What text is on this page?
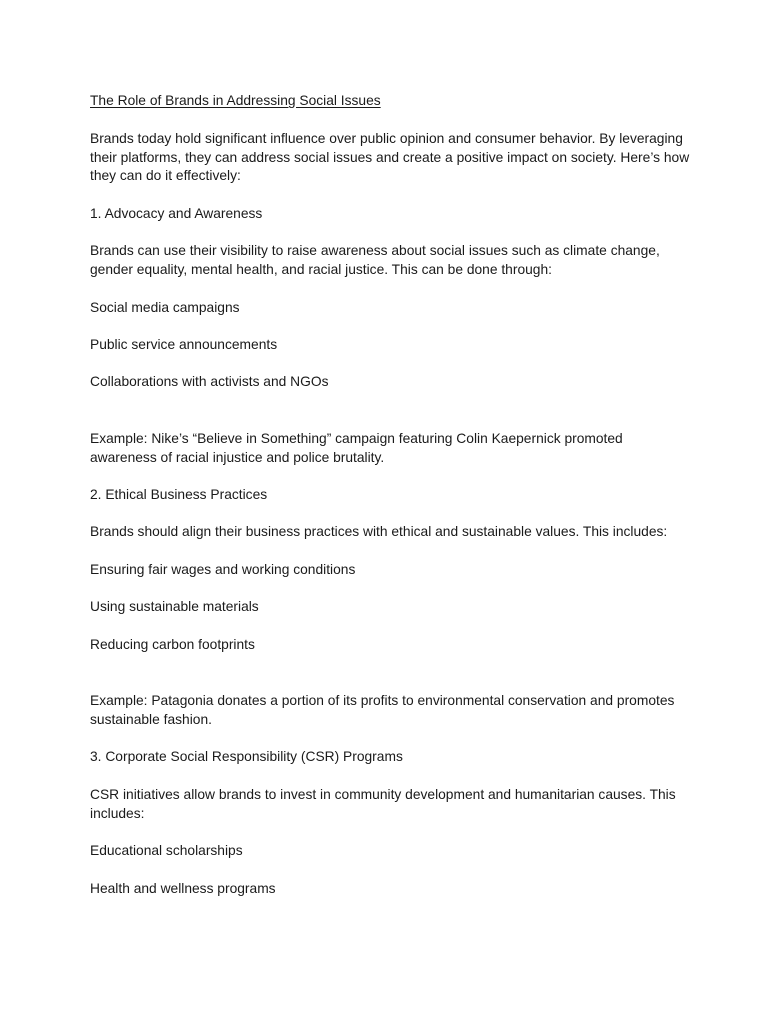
The Role of Brands in Addressing Social Issues

Brands today hold significant influence over public opinion and consumer behavior. By leveraging their platforms, they can address social issues and create a positive impact on society. Here’s how they can do it effectively:

1. Advocacy and Awareness

Brands can use their visibility to raise awareness about social issues such as climate change, gender equality, mental health, and racial justice. This can be done through:

Social media campaigns

Public service announcements

Collaborations with activists and NGOs

Example: Nike’s “Believe in Something” campaign featuring Colin Kaepernick promoted awareness of racial injustice and police brutality.

2. Ethical Business Practices

Brands should align their business practices with ethical and sustainable values. This includes:

Ensuring fair wages and working conditions

Using sustainable materials

Reducing carbon footprints

Example: Patagonia donates a portion of its profits to environmental conservation and promotes sustainable fashion.

3. Corporate Social Responsibility (CSR) Programs

CSR initiatives allow brands to invest in community development and humanitarian causes. This includes:

Educational scholarships

Health and wellness programs
